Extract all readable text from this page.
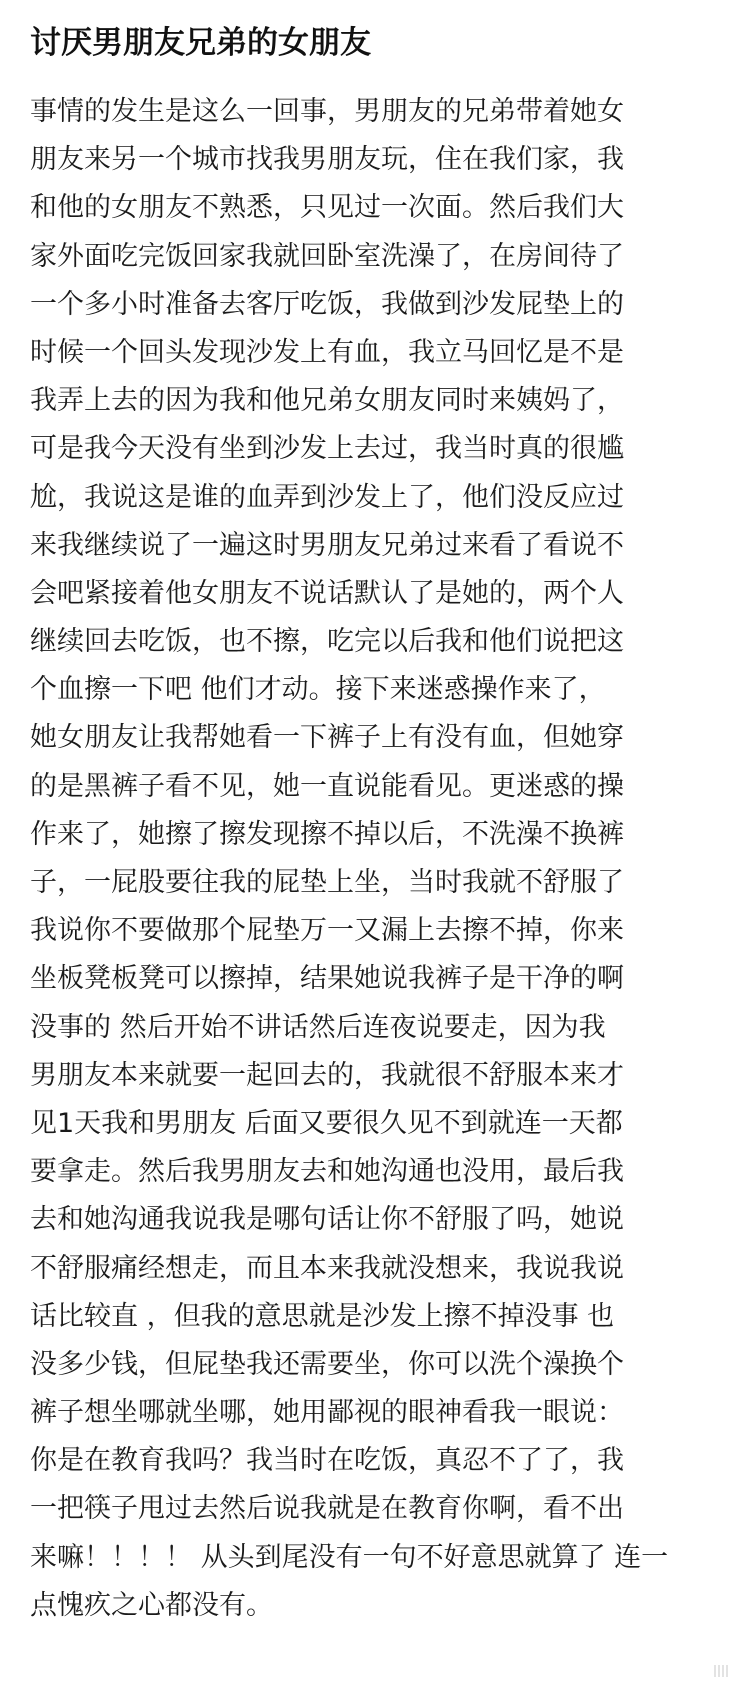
讨厌男朋友兄弟的女朋友
事情的发生是这么一回事，男朋友的兄弟带着她女
朋友来另一个城市找我男朋友玩，住在我们家，我
和他的女朋友不熟悉，只见过一次面。然后我们大
家外面吃完饭回家我就回卧室洗澡了，在房间待了
一个多小时准备去客厅吃饭，我做到沙发屁垫上的
时候一个回头发现沙发上有血，我立马回忆是不是
我弄上去的因为我和他兄弟女朋友同时来姨妈了，
可是我今天没有坐到沙发上去过，我当时真的很尴
尬，我说这是谁的血弄到沙发上了，他们没反应过
来我继续说了一遍这时男朋友兄弟过来看了看说不
会吧紧接着他女朋友不说话默认了是她的，两个人
继续回去吃饭，也不擦，吃完以后我和他们说把这
个血擦一下吧 他们才动。接下来迷惑操作来了，
她女朋友让我帮她看一下裤子上有没有血，但她穿
的是黑裤子看不见，她一直说能看见。更迷惑的操
作来了，她擦了擦发现擦不掉以后，不洗澡不换裤
子，一屁股要往我的屁垫上坐，当时我就不舒服了
我说你不要做那个屁垫万一又漏上去擦不掉，你来
坐板凳板凳可以擦掉，结果她说我裤子是干净的啊
没事的 然后开始不讲话然后连夜说要走，因为我
男朋友本来就要一起回去的，我就很不舒服本来才
见1天我和男朋友 后面又要很久见不到就连一天都
要拿走。然后我男朋友去和她沟通也没用，最后我
去和她沟通我说我是哪句话让你不舒服了吗，她说
不舒服痛经想走，而且本来我就没想来，我说我说
话比较直 ，但我的意思就是沙发上擦不掉没事 也
没多少钱，但屁垫我还需要坐，你可以洗个澡换个
裤子想坐哪就坐哪，她用鄙视的眼神看我一眼说：
你是在教育我吗？我当时在吃饭，真忍不了了，我
一把筷子甩过去然后说我就是在教育你啊，看不出
来嘛！！！！ 从头到尾没有一句不好意思就算了 连一
点愧疚之心都没有。
